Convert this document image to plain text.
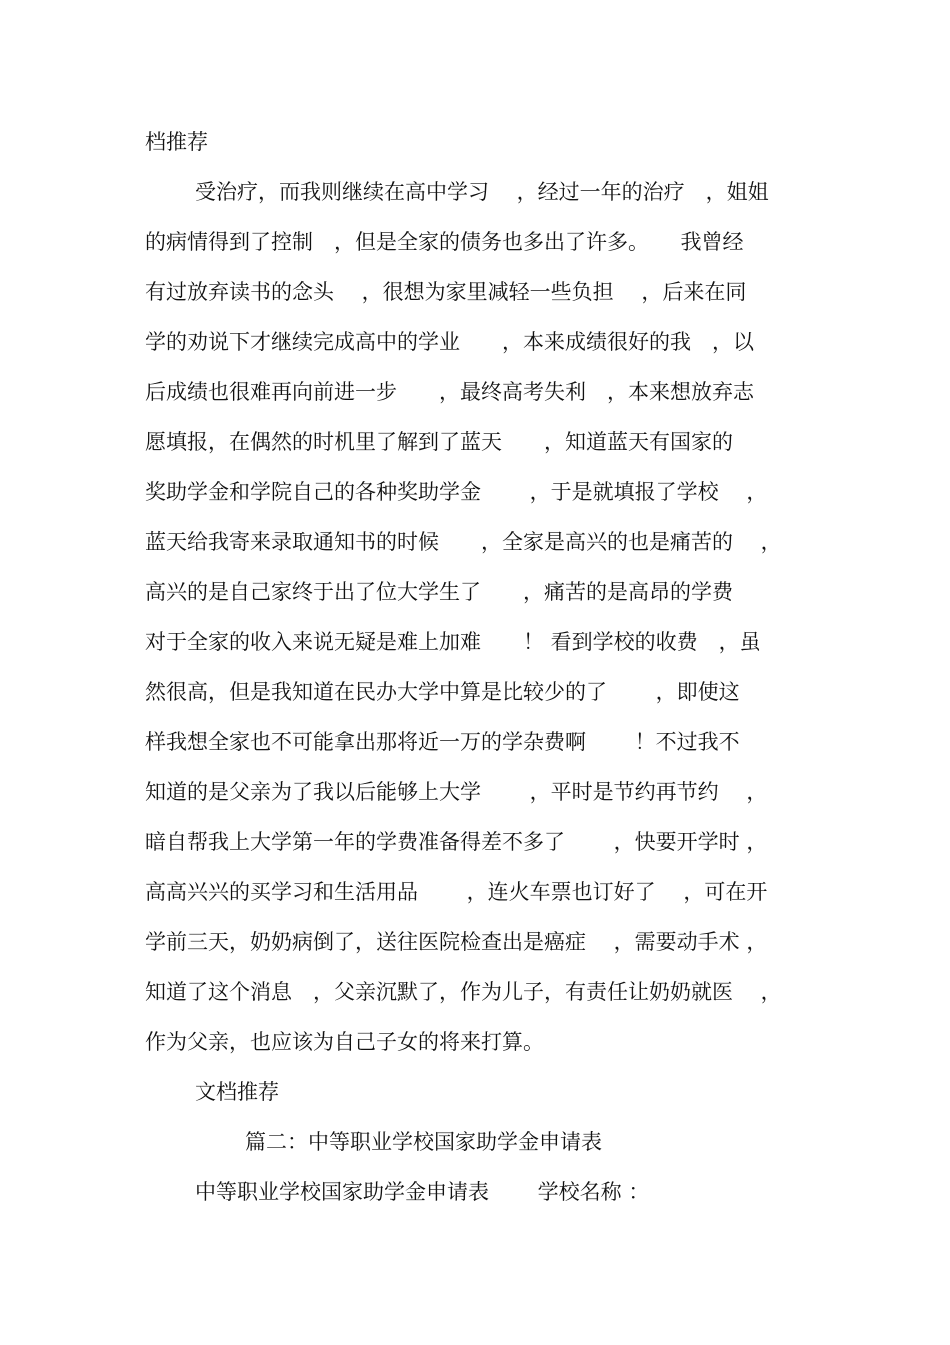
档推荐
受治疗，而我则继续在高中学习　 ，经过一年的治疗　，姐姐
的病情得到了控制　，但是全家的债务也多出了许多。　　我曾经
有过放弃读书的念头　 ，很想为家里减轻一些负担　 ，后来在同
学的劝说下才继续完成高中的学业　　，本来成绩很好的我　，以
后成绩也很难再向前进一步　　，最终高考失利　，本来想放弃志
愿填报，在偶然的时机里了解到了蓝天　　，知道蓝天有国家的
奖助学金和学院自己的各种奖助学金　　 ，于是就填报了学校　 ，
蓝天给我寄来录取通知书的时候　　，全家是高兴的也是痛苦的　 ，
高兴的是自己家终于出了位大学生了　　，痛苦的是高昂的学费
对于全家的收入来说无疑是难上加难　　！ 看到学校的收费　，虽
然很高，但是我知道在民办大学中算是比较少的了　　 ，即使这
样我想全家也不可能拿出那将近一万的学杂费啊　　 ！不过我不
知道的是父亲为了我以后能够上大学　　 ，平时是节约再节约　 ，
暗自帮我上大学第一年的学费准备得差不多了　　 ，快要开学时 ，
高高兴兴的买学习和生活用品　　 ，连火车票也订好了　 ，可在开
学前三天，奶奶病倒了，送往医院检查出是癌症　 ，需要动手术 ，
知道了这个消息　，父亲沉默了，作为儿子，有责任让奶奶就医　 ，
作为父亲，也应该为自己子女的将来打算。
文档推荐
篇二：中等职业学校国家助学金申请表
中等职业学校国家助学金申请表　　 学校名称 ：
